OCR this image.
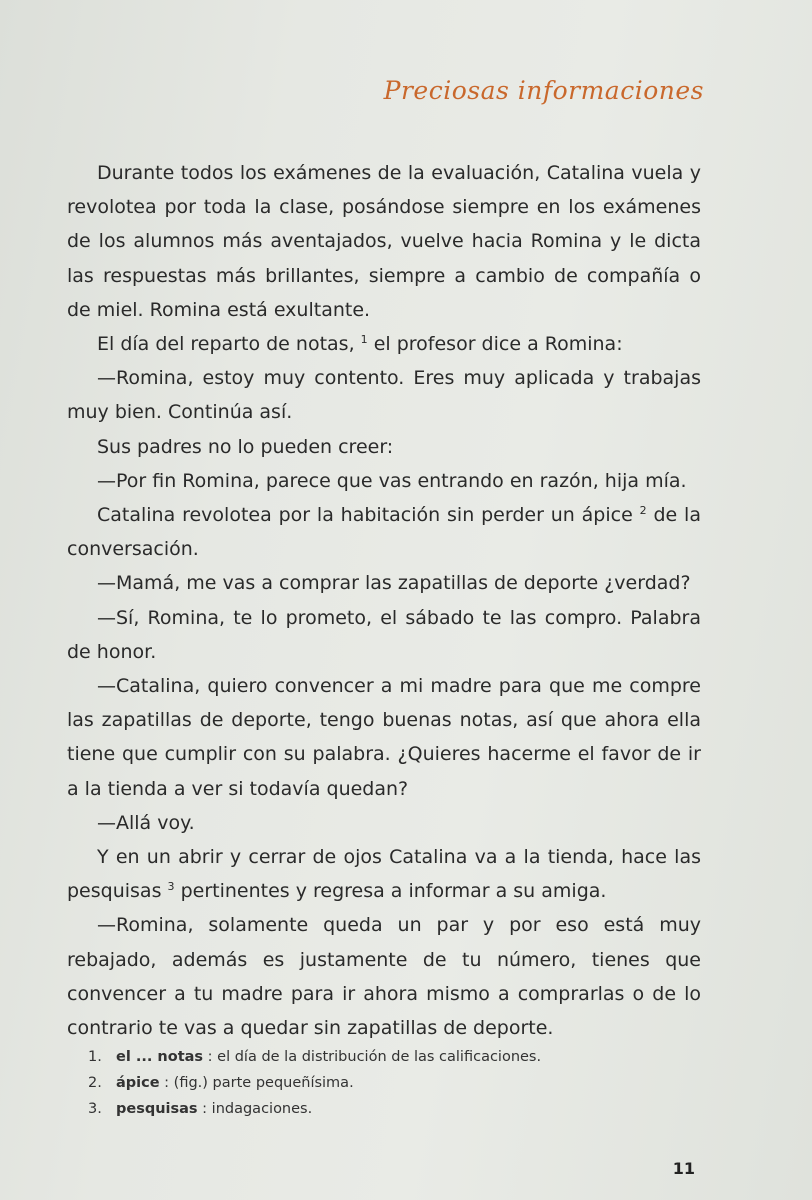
Preciosas informaciones

Durante todos los exámenes de la evaluación, Catalina vuela y revolotea por toda la clase, posándose siempre en los exámenes de los alumnos más aventajados, vuelve hacia Romina y le dicta las respuestas más brillantes, siempre a cambio de compañía o de miel. Romina está exultante.

El día del reparto de notas, $^1$ el profesor dice a Romina:

—Romina, estoy muy contento. Eres muy aplicada y trabajas muy bien. Continúa así.

Sus padres no lo pueden creer:

—Por fin Romina, parece que vas entrando en razón, hija mía.

Catalina revolotea por la habitación sin perder un ápice $^2$ de la conversación.

—Mamá, me vas a comprar las zapatillas de deporte ¿verdad?

—Sí, Romina, te lo prometo, el sábado te las compro. Palabra de honor.

—Catalina, quiero convencer a mi madre para que me compre las zapatillas de deporte, tengo buenas notas, así que ahora ella tiene que cumplir con su palabra. ¿Quieres hacerme el favor de ir a la tienda a ver si todavía quedan?

—Allá voy.

Y en un abrir y cerrar de ojos Catalina va a la tienda, hace las pesquisas $^3$ pertinentes y regresa a informar a su amiga.

—Romina, solamente queda un par y por eso está muy rebajado, además es justamente de tu número, tienes que convencer a tu madre para ir ahora mismo a comprarlas o de lo contrario te vas a quedar sin zapatillas de deporte.

1. el ... notas : el día de la distribución de las calificaciones.
2. ápice : (fig.) parte pequeñísima.
3. pesquisas : indagaciones.
11
